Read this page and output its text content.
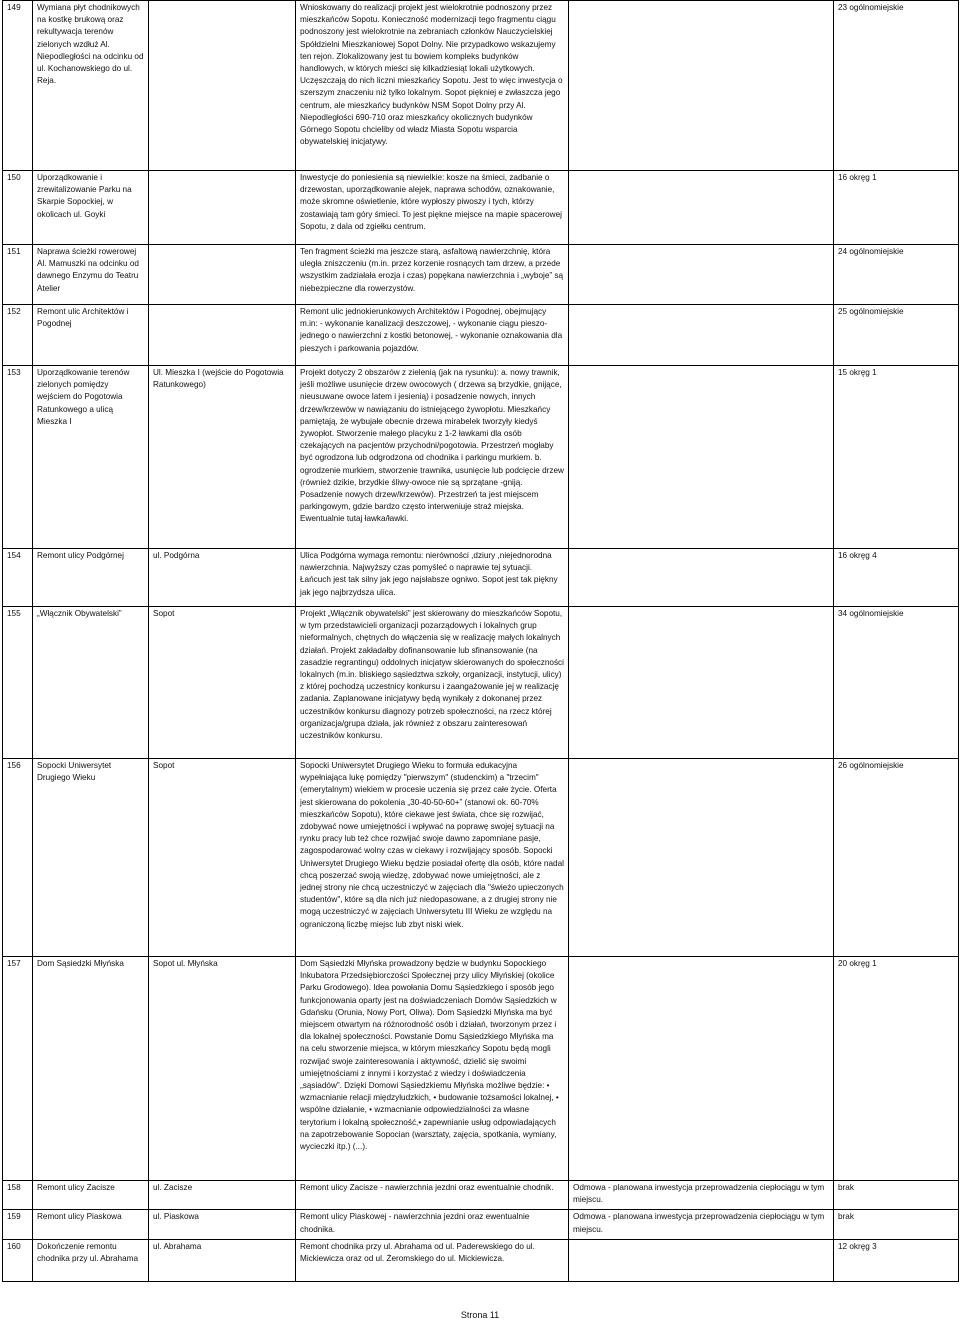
149	Wymiana płyt chodnikowych na kostkę brukową oraz rekultywacja terenów zielonych wzdłuż Al. Niepodległości na odcinku od ul. Kochanowskiego do ul. Reja.		Wnioskowany do realizacji projekt jest wielokrotnie podnoszony przez mieszkańców Sopotu. Konieczność modernizacji tego fragmentu ciągu podnoszony jest wielokrotnie na zebraniach członków Nauczycielskiej Spółdzielni Mieszkaniowej Sopot Dolny. Nie przypadkowo wskazujemy ten rejon. Zlokalizowany jest tu bowiem kompleks budynków handlowych, w których mieści się kilkadziesiąt lokali użytkowych. Uczęszczają do nich liczni mieszkańcy Sopotu. Jest to więc inwestycja o szerszym znaczeniu niż tylko lokalnym. Sopot piękniej e zwłaszcza jego centrum, ale mieszkańcy budynków NSM Sopot Dolny przy Al. Niepodległości 690-710 oraz mieszkańcy okolicznych budynków Górnego Sopotu chcieliby od władz Miasta Sopotu wsparcia obywatelskiej inicjatywy.		23 ogólnomiejskie
150	Uporządkowanie i zrewitalizowanie Parku na Skarpie Sopockiej, w okolicach ul. Goyki		Inwestycje do poniesienia są niewielkie: kosze na śmieci, zadbanie o drzewostan, uporządkowanie alejek, naprawa schodów, oznakowanie, może skromne oświetlenie, które wypłoszy piwoszy i tych, którzy zostawiają tam góry śmieci. To jest piękne miejsce na mapie spacerowej Sopotu, z dala od zgiełku centrum.		16 okręg 1
151	Naprawa ścieżki rowerowej Al. Mamuszki na odcinku od dawnego Enzymu do Teatru Atelier		Ten fragment ścieżki ma jeszcze starą, asfaltową nawierzchnię, która uległa zniszczeniu (m.in. przez korzenie rosnących tam drzew, a przede wszystkim zadziałała erozja i czas) popękana nawierzchnia i „wyboje” są niebezpieczne dla rowerzystów.		24 ogólnomiejskie
152	Remont ulic Architektów i Pogodnej		Remont ulic jednokierunkowych Architektów i Pogodnej, obejmujący m.in: - wykonanie kanalizacji deszczowej, - wykonanie ciągu pieszo-jednego o nawierzchni z kostki betonowej, - wykonanie oznakowania dla pieszych i parkowania pojazdów.		25 ogólnomiejskie
153	Uporządkowanie terenów zielonych pomiędzy wejściem do Pogotowia Ratunkowego a ulicą Mieszka I	Ul. Mieszka I (wejście do Pogotowia Ratunkowego)	Projekt dotyczy 2 obszarów z zielenią (jak na rysunku): a. nowy trawnik, jeśli możliwe usunięcie drzew owocowych ( drzewa są brzydkie, gnijące, nieusuwane owoce latem i jesienią) i posadzenie nowych, innych drzew/krzewów w nawiązaniu do istniejącego żywopłotu. Mieszkańcy pamiętają, że wybujałe obecnie drzewa mirabelek tworzyły kiedyś żywopłot. Stworzenie małego placyku z 1-2 ławkami dla osób czekających na pacjentów przychodni/pogotowia. Przestrzeń mogłaby być ogrodzona lub odgrodzona od chodnika i parkingu murkiem. b. ogrodzenie murkiem, stworzenie trawnika, usunięcie lub podcięcie drzew (również dzikie, brzydkie śliwy-owoce nie są sprzątane -gniją. Posadzenie nowych drzew/krzewów). Przestrzeń ta jest miejscem parkingowym, gdzie bardzo często interweniuje straż miejska. Ewentualnie tutaj ławka/ławki.		15 okręg 1
154	Remont ulicy Podgórnej	ul. Podgórna	Ulica Podgórna wymaga remontu: nierówności ,dziury ,niejednorodna nawierzchnia. Najwyższy czas pomyśleć o naprawie tej sytuacji. Łańcuch jest tak silny jak jego najsłabsze ogniwo. Sopot jest tak piękny jak jego najbrzydsza ulica.		16 okręg 4
155	„Włącznik Obywatelski”	Sopot	Projekt „Włącznik obywatelski” jest skierowany do mieszkańców Sopotu, w tym przedstawicieli organizacji pozarządowych i lokalnych grup nieformalnych, chętnych do włączenia się w realizację małych lokalnych działań. Projekt zakładałby dofinansowanie lub sfinansowanie (na zasadzie regrantingu) oddolnych inicjatyw skierowanych do społeczności lokalnych (m.in. bliskiego sąsiedztwa szkoły, organizacji, instytucji, ulicy) z której pochodzą uczestnicy konkursu i zaangażowanie jej w realizację zadania. Zaplanowane inicjatywy będą wynikały z dokonanej przez uczestników konkursu diagnozy potrzeb społeczności, na rzecz której organizacja/grupa działa, jak również z obszaru zainteresowań uczestników konkursu.		34 ogólnomiejskie
156	Sopocki Uniwersytet Drugiego Wieku	Sopot	Sopocki Uniwersytet Drugiego Wieku to formuła edukacyjna wypełniająca lukę pomiędzy "pierwszym" (studenckim) a "trzecim" (emerytalnym) wiekiem w procesie uczenia się przez całe życie. Oferta jest skierowana do pokolenia „30-40-50-60+” (stanowi ok. 60-70% mieszkańców Sopotu), które ciekawe jest świata, chce się rozwijać, zdobywać nowe umiejętności i wpływać na poprawę swojej sytuacji na rynku pracy lub też chce rozwijać swoje dawno zapomniane pasje, zagospodarować wolny czas w ciekawy i rozwijający sposób. Sopocki Uniwersytet Drugiego Wieku będzie posiadał ofertę dla osób, które nadal chcą poszerzać swoją wiedzę, zdobywać nowe umiejętności, ale z jednej strony nie chcą uczestniczyć w zajęciach dla "świeżo upieczonych studentów", które są dla nich już niedopasowane, a z drugiej strony nie mogą uczestniczyć w zajęciach Uniwersytetu III Wieku ze względu na ograniczoną liczbę miejsc lub zbyt niski wiek.		26 ogólnomiejskie
157	Dom Sąsiedzki Młyńska	Sopot ul. Młyńska	Dom Sąsiedzki Młyńska prowadzony będzie w budynku Sopockiego Inkubatora Przedsiębiorczości Społecznej przy ulicy Młyńskiej (okolice Parku Grodowego). Idea powołania Domu Sąsiedzkiego i sposób jego funkcjonowania oparty jest na doświadczeniach Domów Sąsiedzkich w Gdańsku (Orunia, Nowy Port, Oliwa). Dom Sąsiedzki Młyńska ma być miejscem otwartym na różnorodność osób i działań, tworzonym przez i dla lokalnej społeczności. Powstanie Domu Sąsiedzkiego Młyńska ma na celu stworzenie miejsca, w którym mieszkańcy Sopotu będą mogli rozwijać swoje zainteresowania i aktywność, dzielić się swoimi umiejętnościami z innymi i korzystać z wiedzy i doświadczenia „sąsiadów”. Dzięki Domowi Sąsiedzkiemu Młyńska możliwe będzie: • wzmacnianie relacji międzyludzkich, • budowanie tożsamości lokalnej, • wspólne działanie, • wzmacnianie odpowiedzialności za własne terytorium i lokalną społeczność,• zapewnianie usług odpowiadających na zapotrzebowanie Sopocian (warsztaty, zajęcia, spotkania, wymiany, wycieczki itp.) (...).		20 okręg 1
158	Remont ulicy Zacisze	ul. Zacisze	Remont ulicy Zacisze - nawierzchnia jezdni oraz ewentualnie chodnik.	Odmowa - planowana inwestycja przeprowadzenia ciepłociągu w tym miejscu.	brak
159	Remont ulicy Piaskowa	ul. Piaskowa	Remont ulicy Piaskowej - nawierzchnia jezdni oraz ewentualnie chodnika.	Odmowa - planowana inwestycja przeprowadzenia ciepłociągu w tym miejscu.	brak
160	Dokończenie remontu chodnika przy ul. Abrahama	ul. Abrahama	Remont chodnika przy ul. Abrahama od ul. Paderewskiego do ul. Mickiewicza oraz od ul. Żeromskiego do ul. Mickiewicza.		12 okręg 3
Strona 11
